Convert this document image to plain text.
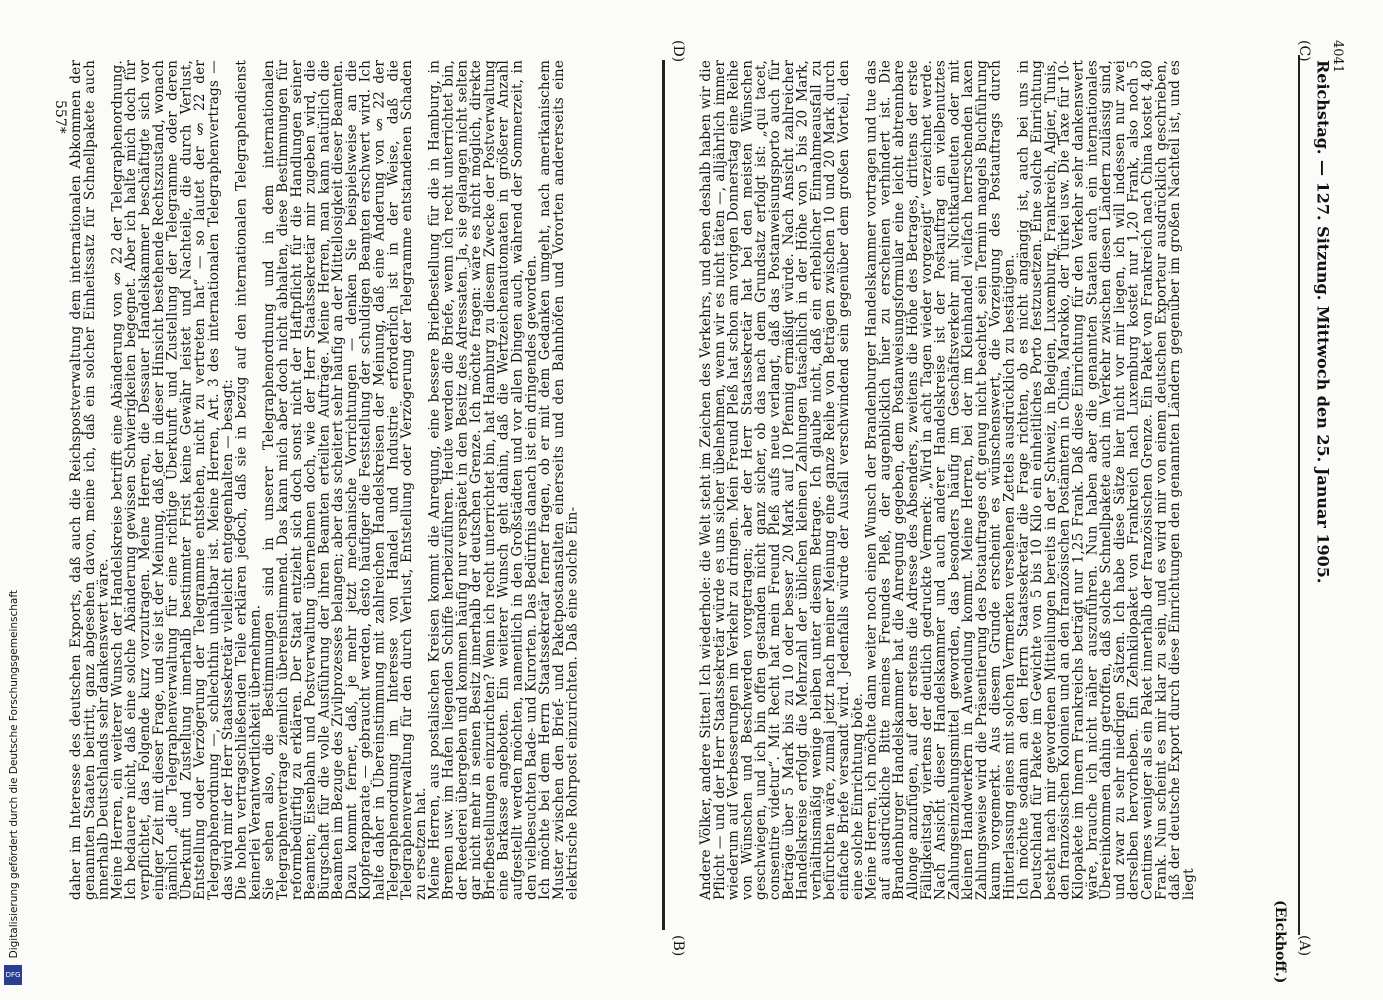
Reichstag. — 127. Sitzung. Mittwoch den 25. Januar 1905.
4041
(C)
(A)
(B)
(D)
(Eickhoff.)

Andere Völker, andere Sitten! Ich wiederhole: die Welt steht im Zeichen des Verkehrs, und eben deshalb haben wir die Pflicht — und der Herr Staatssekretär würde es uns sicher übelnehmen, wenn wir es nicht täten —, alljährlich immer wiederum auf Verbesserungen im Verkehr zu dringen. Mein Freund Pleß hat schon am vorigen Donnerstag eine Reihe von Wünschen und Beschwerden vorgetragen; aber der Herr Staatssekretär hat bei den meisten Wünschen geschwiegen, und ich bin offen gestanden nicht ganz sicher, ob das nach dem Grundsatz erfolgt ist: „qui tacet, consentire videtur“. Mit Recht hat mein Freund Pleß aufs neue verlangt, daß das Postanweisungsporto auch für Beträge über 5 Mark bis zu 10 oder besser 20 Mark auf 10 Pfennig ermäßigt würde. Nach Ansicht zahlreicher Handelskreise erfolgt die Mehrzahl der üblichen kleinen Zahlungen tatsächlich in der Höhe von 5 bis 20 Mark, verhältnismäßig wenige bleiben unter diesem Betrage. Ich glaube nicht, daß ein erheblicher Einnahmeausfall zu befürchten wäre, zumal jetzt nach meiner Meinung eine ganze Reihe von Beträgen zwischen 10 und 20 Mark durch einfache Briefe versandt wird. Jedenfalls würde der Ausfall verschwindend sein gegenüber dem großen Vorteil, den eine solche Einrichtung böte.

Meine Herren, ich möchte dann weiter noch einen Wunsch der Brandenburger Handelskammer vortragen und tue das auf ausdrückliche Bitte meines Freundes Pleß, der augenblicklich hier zu erscheinen verhindert ist. Die Brandenburger Handelskammer hat die Anregung gegeben, dem Postanweisungsformular eine leicht abtrennbare Allonge anzufügen, auf der erstens die Adresse des Absenders, zweitens die Höhe des Betrages, drittens der erste Fälligkeitstag, viertens der deutlich gedruckte Vermerk: „Wird in acht Tagen wieder vorgezeigt“ verzeichnet werde. Nach Ansicht dieser Handelskammer und auch anderer Handelskreise ist der Postauftrag ein vielbenutztes Zahlungseinziehungsmittel geworden, das besonders häufig im Geschäftsverkehr mit Nichtkaufleuten oder mit kleinen Handwerkern in Anwendung kommt. Meine Herren, bei der im Kleinhandel vielfach herrschenden laxen Zahlungsweise wird die Präsentierung des Postauftrages oft genug nicht beachtet, sein Termin mangels Buchführung kaum vorgemerkt. Aus diesem Grunde erscheint es wünschenswert, die Vorzeigung des Postauftrags durch Hinterlassung eines mit solchen Vermerken versehenen Zettels ausdrücklich zu bestätigen.

Ich möchte sodann an den Herrn Staatssekretär die Frage richten, ob es nicht angängig ist, auch bei uns in Deutschland für Pakete im Gewichte von 5 bis 10 Kilo ein einheitliches Porto festzusetzen. Eine solche Einrichtung besteht nach mir gewordenen Mitteilungen bereits in der Schweiz, in Belgien, Luxemburg, Frankreich, Algier, Tunis, den französischen Kolonien und an den französischen Postämtern in China, Marokko, der Türkei usw. Die Taxe für 10-Kilopakete im Innern Frankreichs beträgt nur 1,25 Frank. Daß diese Einrichtung für den Verkehr sehr dankenswert wäre, brauche ich nicht näher auszuführen. Nun haben aber die genannten Staaten auch ein internationales Übereinkommen dahin getroffen, daß solche Schnellpakete auch im Verkehr zwischen diesen Ländern zulässig sind, und zwar zu sehr niedrigen Sätzen. Ich habe diese Sätze hier nicht vor mir liegen, ich will indessen nur zwei derselben hervorheben. Ein Zehnkilopaket von Frankreich nach Luxemburg kostet nur 1,20 Frank, also noch 5 Centimes weniger als ein Paket innerhalb der französischen Grenze. Ein Paket von Frankreich nach China kostet 4,80 Frank. Nun scheint es mir klar zu sein, und es wird mir von einem deutschen Exporteur ausdrücklich geschrieben, daß der deutsche Export durch diese Einrichtungen den genannten Ländern gegenüber im großen Nachteil ist, und es liegt

daher im Interesse des deutschen Exports, daß auch die Reichspostverwaltung dem internationalen Abkommen der genannten Staaten beitritt, ganz abgesehen davon, meine ich, daß ein solcher Einheitssatz für Schnellpakete auch innerhalb Deutschlands sehr dankenswert wäre.

Meine Herren, ein weiterer Wunsch der Handelskreise betrifft eine Abänderung von § 22 der Telegraphenordnung. Ich bedauere nicht, daß eine solche Abänderung gewissen Schwierigkeiten begegnet. Aber ich halte mich doch für verpflichtet, das Folgende kurz vorzutragen. Meine Herren, die Dessauer Handelskammer beschäftigte sich vor einiger Zeit mit dieser Frage, und sie ist der Meinung, daß der in dieser Hinsicht bestehende Rechtszustand, wonach nämlich „die Telegraphenverwaltung für eine richtige Überkunft und Zustellung der Telegramme oder deren Überkunft und Zustellung innerhalb bestimmter Frist keine Gewähr leistet und Nachteile, die durch Verlust, Entstellung oder Verzögerung der Telegramme entstehen, nicht zu vertreten hat“ — so lautet der § 22 der Telegraphenordnung —, schlechthin unhaltbar ist. Meine Herren, Art. 3 des internationalen Telegraphenvertrags — das wird mir der Herr Staatssekretär vielleicht entgegenhalten — besagt:

Die hohen vertragschließenden Teile erklären jedoch, daß sie in bezug auf den internationalen Telegraphendienst keinerlei Verantwortlichkeit übernehmen.

Sie sehen also, die Bestimmungen sind in unserer Telegraphenordnung und in dem internationalen Telegraphenvertrage ziemlich übereinstimmend. Das kann mich aber doch nicht abhalten, diese Bestimmungen für reformbedürftig zu erklären. Der Staat entzieht sich doch sonst nicht der Haftpflicht für die Handlungen seiner Beamten; Eisenbahn und Postverwaltung übernehmen doch, wie der Herr Staatssekretär mir zugeben wird, die Bürgschaft für die volle Ausführung der ihren Beamten erteilten Aufträge. Meine Herren, man kann natürlich die Beamten im Bezuge des Zivilprozesses belangen; aber das scheitert sehr häufig an der Mittellosigkeit dieser Beamten. Dazu kommt ferner, daß, je mehr jetzt mechanische Vorrichtungen — denken Sie beispielsweise an die Klopferapparate — gebraucht werden, desto häufiger die Feststellung der schuldigen Beamten erschwert wird. Ich halte daher in Übereinstimmung mit zahlreichen Handelskreisen der Meinung, daß eine Änderung von § 22 der Telegraphenordnung im Interesse von Handel und Industrie erforderlich ist in der Weise, daß die Telegraphenverwaltung für den durch Verlust, Entstellung oder Verzögerung der Telegramme entstandenen Schaden zu ersetzen hat.

Meine Herren, aus postalischen Kreisen kommt die Anregung, eine bessere Briefbestellung für die in Hamburg, in Bremen usw. im Hafen liegenden Schiffe herbeizuführen. Heute werden die Briefe, wenn ich recht unterrichtet bin, der Reederei übergeben und kommen häufig nur verspätet in den Besitz des Adressaten. Ja, sie gelangen nicht selten gar nicht mehr in seinen Besitz innerhalb der deutschen Grenze. Ich möchte fragen: wäre es nicht möglich, direkte Briefbestellungen einzurichten? Wenn ich recht unterrichtet bin, hat Hamburg zu diesem Zwecke der Postverwaltung eine Barkasse angeboten. Ein weiterer Wunsch geht dahin, daß die Wertzeichenautomaten in größerer Anzahl aufgestellt werden möchten, namentlich in den Großstädten und vor allen Dingen auch, während der Sommerzeit, in den vielbesuchten Bade- und Kurorten. Das Bedürfnis danach ist ein dringendes geworden.

Ich möchte bei dem Herrn Staatssekretär ferner fragen, ob er mit dem Gedanken umgeht, nach amerikanischem Muster zwischen den Brief- und Paketpostanstalten einerseits und den Bahnhöfen und Vororten andererseits eine elektrische Rohrpost einzurichten. Daß eine solche Ein-

557*
Digitalisierung gefördert durch die Deutsche Forschungsgemeinschaft
DFG
